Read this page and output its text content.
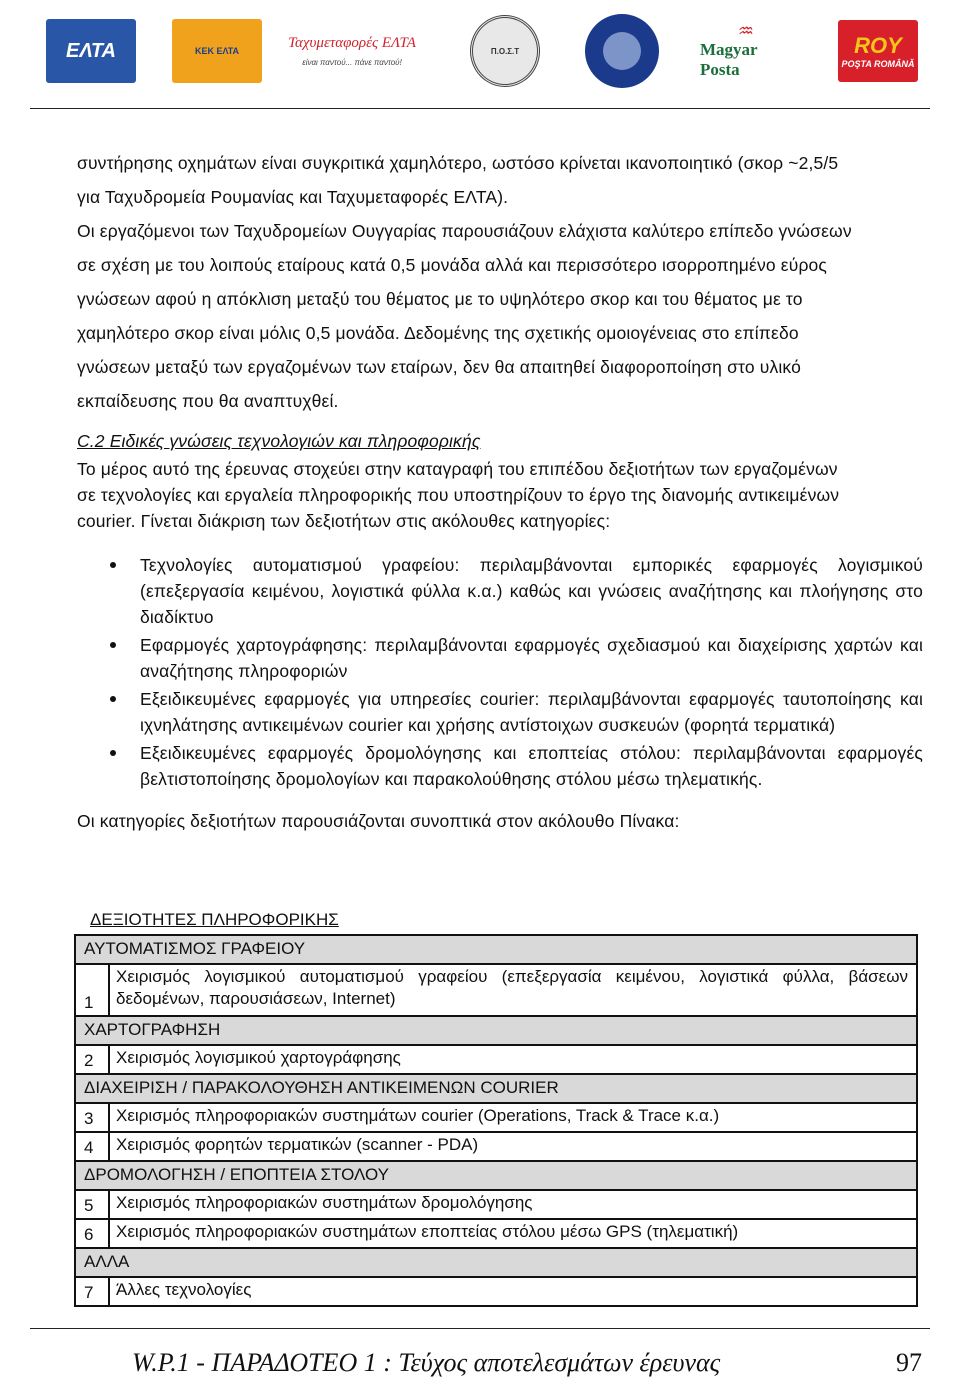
ΕΛΤΑ	ΚΕΚ ΕΛΤΑ	Ταχυμεταφορές ΕΛΤΑ
είναι παντού... πάνε παντού!
Π.Ο.Σ.Τ
♒
Magyar Posta
ROY
POŞTA ROMÂNĂ

συντήρησης οχημάτων είναι συγκριτικά χαμηλότερο, ωστόσο κρίνεται ικανοποιητικό (σκορ ~2,5/5

για Ταχυδρομεία Ρουμανίας και Ταχυμεταφορές ΕΛΤΑ).

Οι εργαζόμενοι των Ταχυδρομείων Ουγγαρίας παρουσιάζουν ελάχιστα καλύτερο επίπεδο γνώσεων

σε σχέση με του λοιπούς εταίρους κατά 0,5 μονάδα αλλά και περισσότερο ισορροπημένο εύρος

γνώσεων αφού η απόκλιση μεταξύ του θέματος με το υψηλότερο σκορ και του θέματος με το

χαμηλότερο σκορ είναι μόλις 0,5 μονάδα. Δεδομένης της σχετικής ομοιογένειας στο επίπεδο

γνώσεων μεταξύ των εργαζομένων των εταίρων, δεν θα απαιτηθεί διαφοροποίηση στο υλικό

εκπαίδευσης που θα αναπτυχθεί.

C.2 Ειδικές γνώσεις τεχνολογιών και πληροφορικής

Το μέρος αυτό της έρευνας στοχεύει στην καταγραφή του επιπέδου δεξιοτήτων των εργαζομένων

σε τεχνολογίες και εργαλεία πληροφορικής που υποστηρίζουν το έργο της διανομής αντικειμένων

courier. Γίνεται διάκριση των δεξιοτήτων στις ακόλουθες κατηγορίες:

Τεχνολογίες αυτοματισμού γραφείου: περιλαμβάνονται εμπορικές εφαρμογές λογισμικού (επεξεργασία κειμένου, λογιστικά φύλλα κ.α.) καθώς και γνώσεις αναζήτησης και πλοήγησης στο διαδίκτυο
Εφαρμογές χαρτογράφησης: περιλαμβάνονται εφαρμογές σχεδιασμού και διαχείρισης χαρτών και αναζήτησης πληροφοριών
Εξειδικευμένες εφαρμογές για υπηρεσίες courier: περιλαμβάνονται εφαρμογές ταυτοποίησης και ιχνηλάτησης αντικειμένων courier και χρήσης αντίστοιχων συσκευών (φορητά τερματικά)
Εξειδικευμένες εφαρμογές δρομολόγησης και εποπτείας στόλου: περιλαμβάνονται εφαρμογές βελτιστοποίησης δρομολογίων και παρακολούθησης στόλου μέσω τηλεματικής.

Οι κατηγορίες δεξιοτήτων παρουσιάζονται συνοπτικά στον ακόλουθο Πίνακα:

ΔΕΞΙΟΤΗΤΕΣ ΠΛΗΡΟΦΟΡΙΚΗΣ
ΑΥΤΟΜΑΤΙΣΜΟΣ ΓΡΑΦΕΙΟΥ	
1	Χειρισμός λογισμικού αυτοματισμού γραφείου (επεξεργασία κειμένου, λογιστικά φύλλα, βάσεων δεδομένων, παρουσιάσεων, Internet)
ΧΑΡΤΟΓΡΑΦΗΣΗ	
2	Χειρισμός λογισμικού χαρτογράφησης
ΔΙΑΧΕΙΡΙΣΗ / ΠΑΡΑΚΟΛΟΥΘΗΣΗ ΑΝΤΙΚΕΙΜΕΝΩΝ COURIER	
3	Χειρισμός πληροφοριακών συστημάτων courier (Operations, Track & Trace κ.α.)
4	Χειρισμός φορητών τερματικών (scanner - PDA)
ΔΡΟΜΟΛΟΓΗΣΗ / ΕΠΟΠΤΕΙΑ ΣΤΟΛΟΥ	
5	Χειρισμός πληροφοριακών συστημάτων δρομολόγησης
6	Χειρισμός πληροφοριακών συστημάτων εποπτείας στόλου μέσω GPS (τηλεματική)
ΑΛΛΑ	
7	Άλλες τεχνολογίες
W.P.1 - ΠΑΡΑΔΟΤΕΟ 1 : Τεύχος αποτελεσμάτων έρευνας	97
